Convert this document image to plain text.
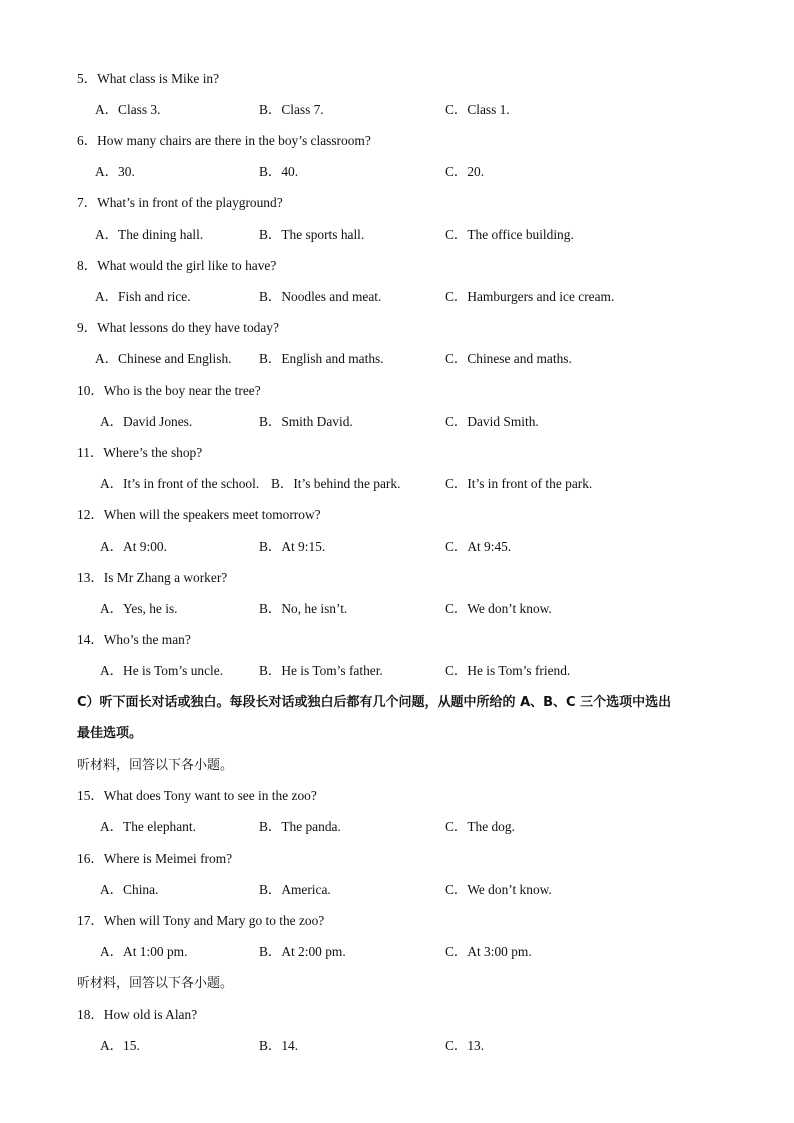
5．What class is Mike in?
A．Class 3.	B．Class 7.	C．Class 1.
6．How many chairs are there in the boy’s classroom?
A．30.	B．40.	C．20.
7．What’s in front of the playground?
A．The dining hall.	B．The sports hall.	C．The office building.
8．What would the girl like to have?
A．Fish and rice.	B．Noodles and meat.	C．Hamburgers and ice cream.
9．What lessons do they have today?
A．Chinese and English. B．English and maths.	C．Chinese and maths.
10．Who is the boy near the tree?
A．David Jones.	B．Smith David.	C．David Smith.
11．Where’s the shop?
A．It’s in front of the school. B．It’s behind the park.	C．It’s in front of the park.
12．When will the speakers meet tomorrow?
A．At 9:00.	B．At 9:15.	C．At 9:45.
13．Is Mr Zhang a worker?
A．Yes, he is.	B．No, he isn’t.	C．We don’t know.
14．Who’s the man?
A．He is Tom’s uncle.	B．He is Tom’s father.	C．He is Tom’s friend.
C）听下面长对话或独白。每段长对话或独白后都有几个问题，从题中所给的 A、B、C 三个选项中选出
最佳选项。
听材料，回答以下各小题。
15．What does Tony want to see in the zoo?
A．The elephant.	B．The panda.	C．The dog.
16．Where is Meimei from?
A．China.	B．America.	C．We don’t know.
17．When will Tony and Mary go to the zoo?
A．At 1:00 pm.	B．At 2:00 pm.	C．At 3:00 pm.
听材料，回答以下各小题。
18．How old is Alan?
A．15.	B．14.	C．13.
